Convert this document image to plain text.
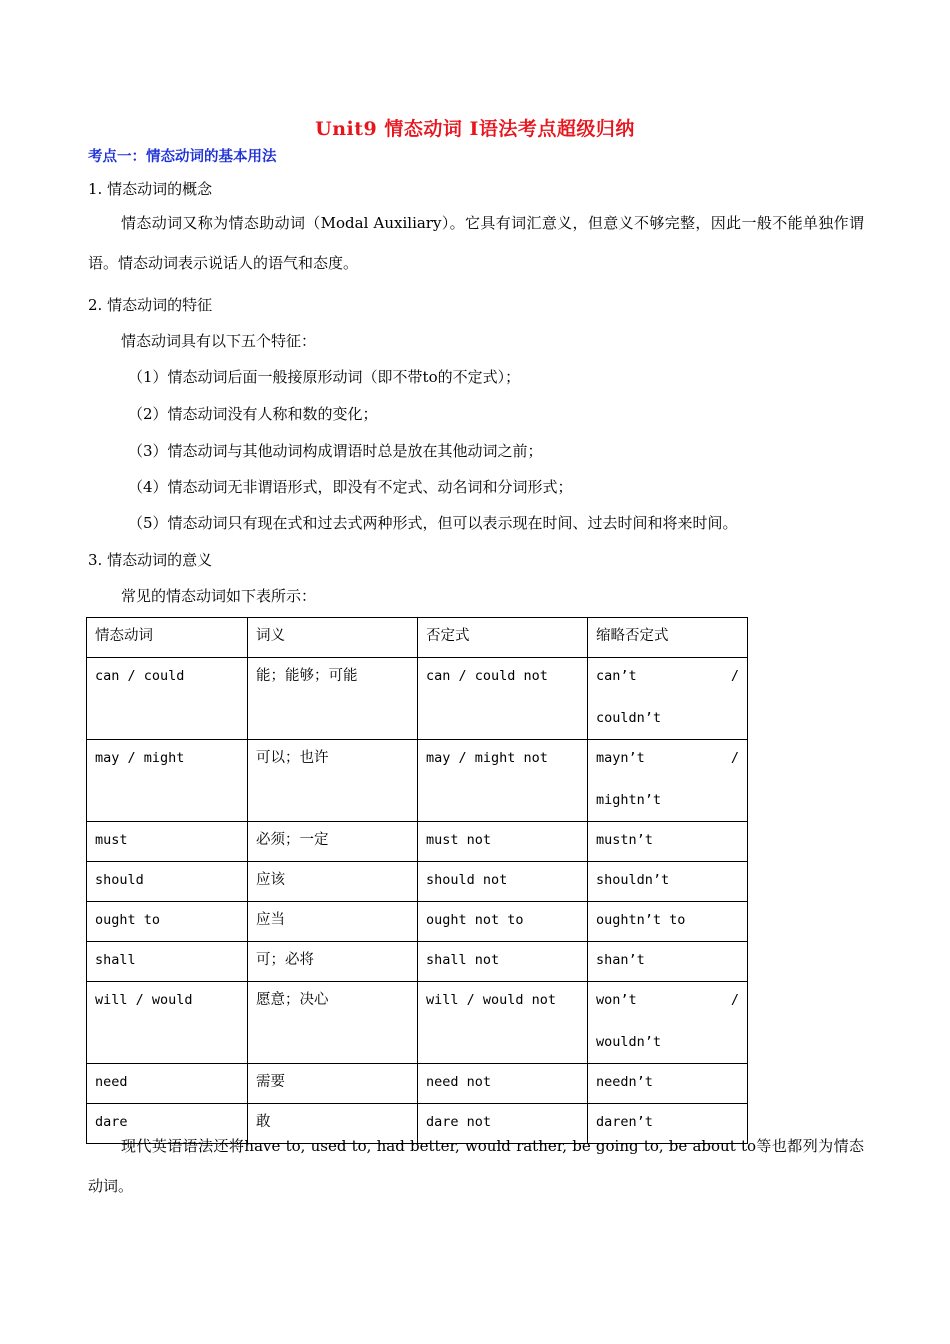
Unit9 情态动词 I语法考点超级归纳
考点一：情态动词的基本用法
1. 情态动词的概念
情态动词又称为情态助动词（Modal Auxiliary）。它具有词汇意义，但意义不够完整，因此一般不能单独作谓语。情态动词表示说话人的语气和态度。
2. 情态动词的特征
情态动词具有以下五个特征：
（1）情态动词后面一般接原形动词（即不带to的不定式）；
（2）情态动词没有人称和数的变化；
（3）情态动词与其他动词构成谓语时总是放在其他动词之前；
（4）情态动词无非谓语形式，即没有不定式、动名词和分词形式；
（5）情态动词只有现在式和过去式两种形式，但可以表示现在时间、过去时间和将来时间。
3. 情态动词的意义
常见的情态动词如下表所示：
情态动词	词义	否定式	缩略否定式

can / could	能；能够；可能	can / could not	can’t /
couldn’t

may / might	可以；也许	may / might not	mayn’t /
mightn’t

must	必须；一定	must not	mustn’t

should	应该	should not	shouldn’t

ought to	应当	ought not to	oughtn’t to

shall	可；必将	shall not	shan’t

will / would	愿意；决心	will / would not	won’t /
wouldn’t

need	需要	need not	needn’t

dare	敢	dare not	daren’t
现代英语语法还将have to, used to, had better, would rather, be going to, be about to等也都列为情态动词。
